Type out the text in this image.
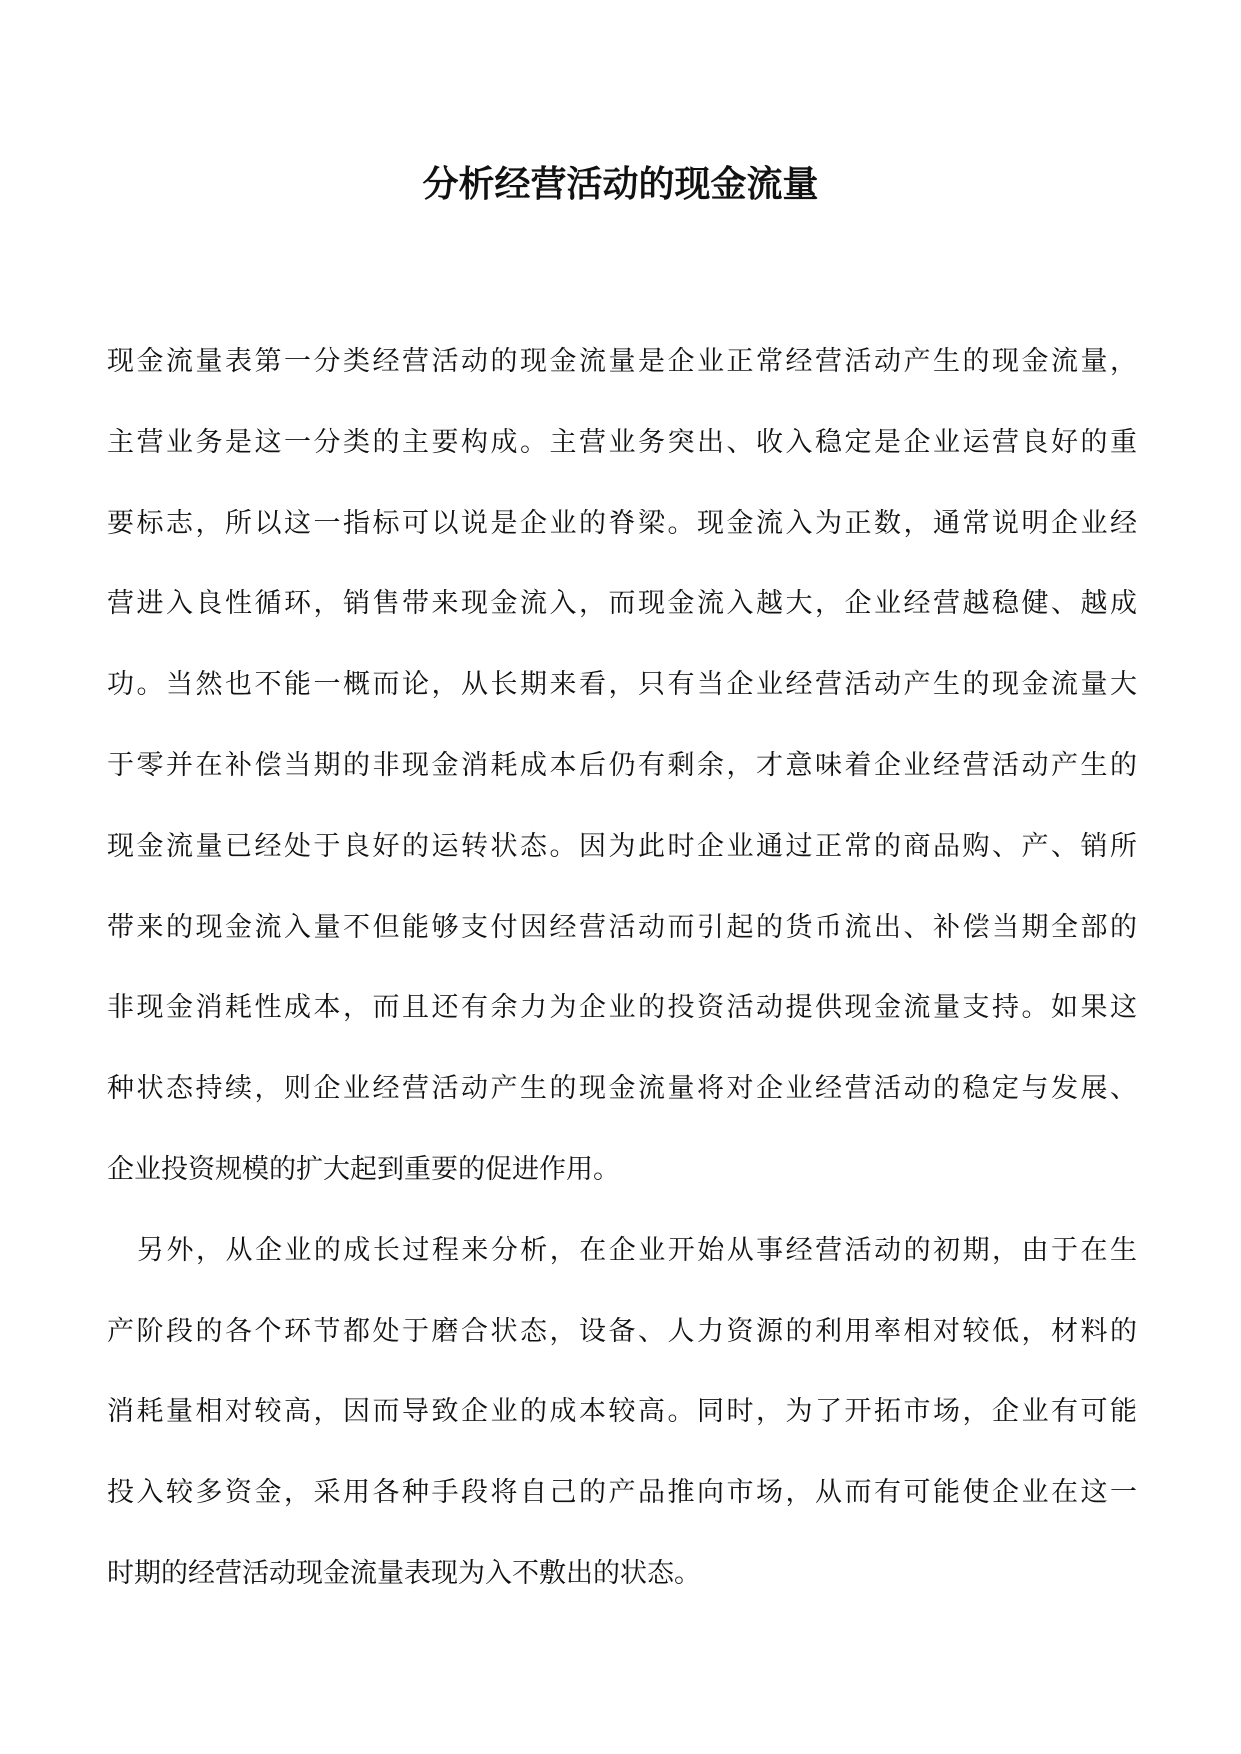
分析经营活动的现金流量
现金流量表第一分类经营活动的现金流量是企业正常经营活动产生的现金流量，
主营业务是这一分类的主要构成。主营业务突出、收入稳定是企业运营良好的重
要标志，所以这一指标可以说是企业的脊梁。现金流入为正数，通常说明企业经
营进入良性循环，销售带来现金流入，而现金流入越大，企业经营越稳健、越成
功。当然也不能一概而论，从长期来看，只有当企业经营活动产生的现金流量大
于零并在补偿当期的非现金消耗成本后仍有剩余，才意味着企业经营活动产生的
现金流量已经处于良好的运转状态。因为此时企业通过正常的商品购、产、销所
带来的现金流入量不但能够支付因经营活动而引起的货币流出、补偿当期全部的
非现金消耗性成本，而且还有余力为企业的投资活动提供现金流量支持。如果这
种状态持续，则企业经营活动产生的现金流量将对企业经营活动的稳定与发展、
企业投资规模的扩大起到重要的促进作用。
另外，从企业的成长过程来分析，在企业开始从事经营活动的初期，由于在生
产阶段的各个环节都处于磨合状态，设备、人力资源的利用率相对较低，材料的
消耗量相对较高，因而导致企业的成本较高。同时，为了开拓市场，企业有可能
投入较多资金，采用各种手段将自己的产品推向市场，从而有可能使企业在这一
时期的经营活动现金流量表现为入不敷出的状态。
